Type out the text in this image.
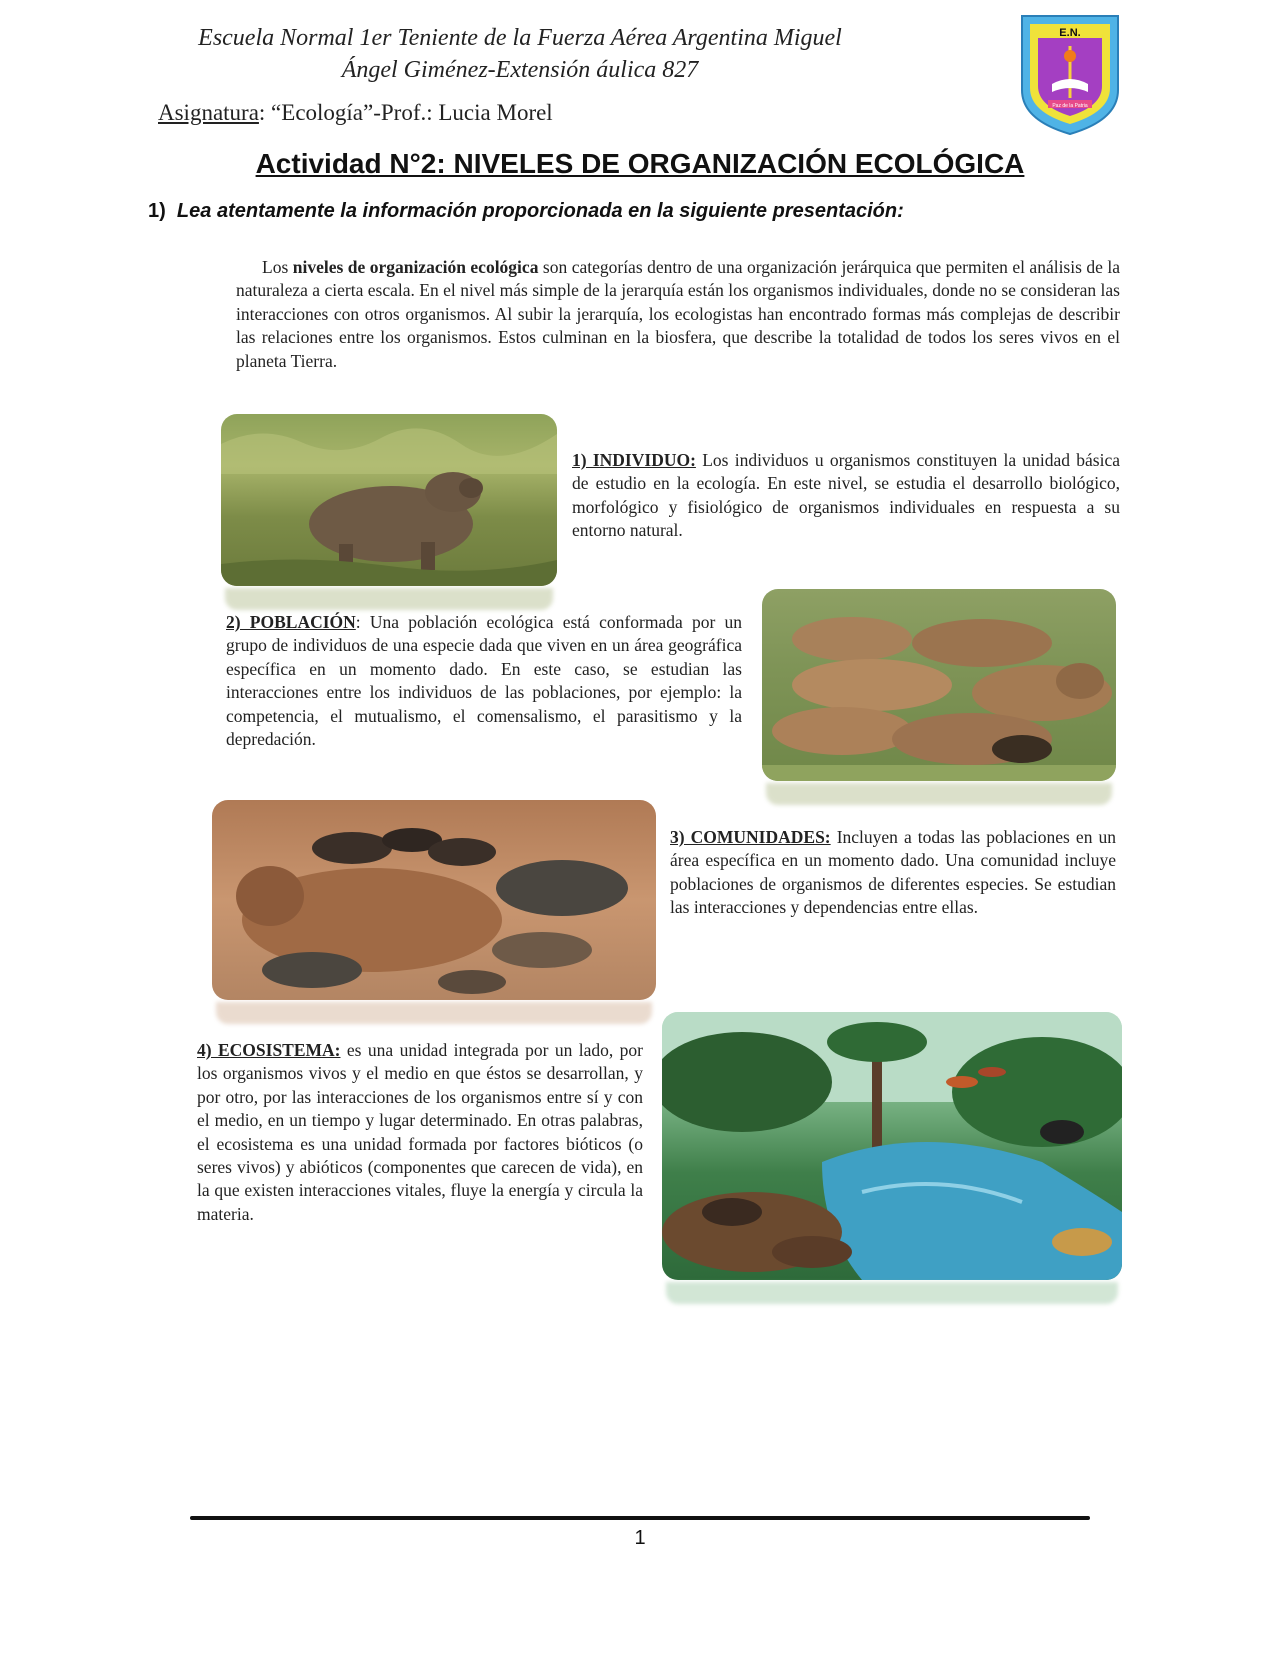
Escuela Normal 1er Teniente de la Fuerza Aérea Argentina Miguel
Ángel Giménez-Extensión áulica 827
Asignatura: “Ecología”-Prof.: Lucia Morel
E.N.
Paz de la Patria
Actividad N°2: NIVELES DE ORGANIZACIÓN ECOLÓGICA
1) Lea atentamente la información proporcionada en la siguiente presentación:
Los niveles de organización ecológica son categorías dentro de una organización jerárquica que permiten el análisis de la naturaleza a cierta escala. En el nivel más simple de la jerarquía están los organismos individuales, donde no se consideran las interacciones con otros organismos. Al subir la jerarquía, los ecologistas han encontrado formas más complejas de describir las relaciones entre los organismos. Estos culminan en la biosfera, que describe la totalidad de todos los seres vivos en el planeta Tierra.
1) INDIVIDUO: Los individuos u organismos constituyen la unidad básica de estudio en la ecología. En este nivel, se estudia el desarrollo biológico, morfológico y fisiológico de organismos individuales en respuesta a su entorno natural.
2) POBLACIÓN: Una población ecológica está conformada por un grupo de individuos de una especie dada que viven en un área geográfica específica en un momento dado. En este caso, se estudian las interacciones entre los individuos de las poblaciones, por ejemplo: la competencia, el mutualismo, el comensalismo, el parasitismo y la depredación.
3) COMUNIDADES: Incluyen a todas las poblaciones en un área específica en un momento dado. Una comunidad incluye poblaciones de organismos de diferentes especies. Se estudian las interacciones y dependencias entre ellas.
4) ECOSISTEMA: es una unidad integrada por un lado, por los organismos vivos y el medio en que éstos se desarrollan, y por otro, por las interacciones de los organismos entre sí y con el medio, en un tiempo y lugar determinado. En otras palabras, el ecosistema es una unidad formada por factores bióticos (o seres vivos) y abióticos (componentes que carecen de vida), en la que existen interacciones vitales, fluye la energía y circula la materia.
1
